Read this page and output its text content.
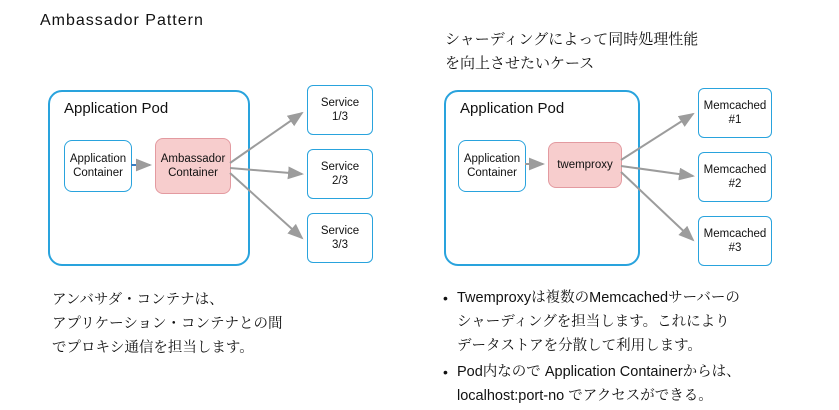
Ambassador Pattern
Application Pod
Application
Container
Ambassador
Container
Service
1/3
Service
2/3
Service
3/3
アンバサダ・コンテナは、
アプリケーション・コンテナとの間
でプロキシ通信を担当します。
シャーディングによって同時処理性能
を向上させたいケース
Application Pod
Application
Container
twemproxy
Memcached
#1
Memcached
#2
Memcached
#3
• Twemproxyは複数のMemcachedサーバーの
シャーディングを担当します。これにより
データストアを分散して利用します。
• Pod内なので Application Containerからは、
localhost:port-no でアクセスができる。
